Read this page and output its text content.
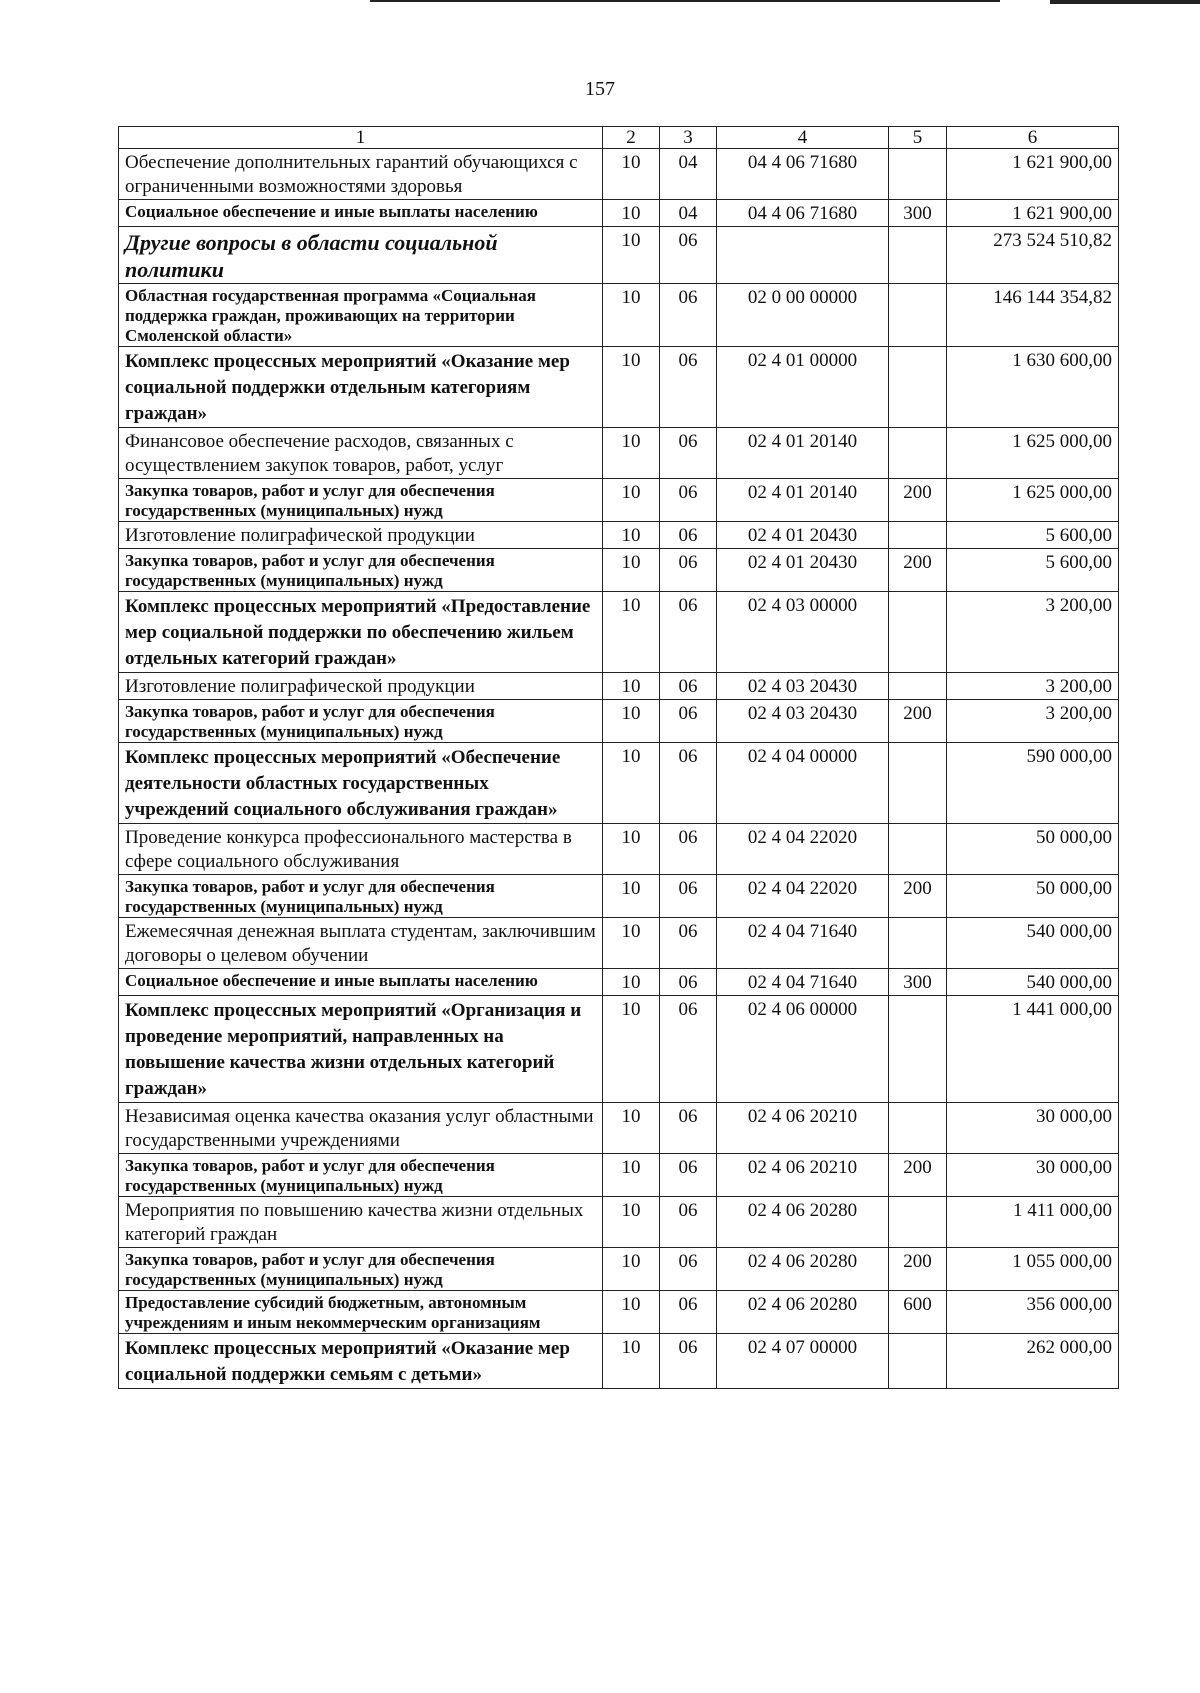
157
1	2	3	4	5	6
Обеспечение дополнительных гарантий обучающихся с ограниченными возможностями здоровья	10	04	04 4 06 71680		1 621 900,00
Социальное обеспечение и иные выплаты населению	10	04	04 4 06 71680	300	1 621 900,00
Другие вопросы в области социальной политики	10	06			273 524 510,82
Областная государственная программа «Социальная поддержка граждан, проживающих на территории Смоленской области»	10	06	02 0 00 00000		146 144 354,82
Комплекс процессных мероприятий «Оказание мер социальной поддержки отдельным категориям граждан»	10	06	02 4 01 00000		1 630 600,00
Финансовое обеспечение расходов, связанных с осуществлением закупок товаров, работ, услуг	10	06	02 4 01 20140		1 625 000,00
Закупка товаров, работ и услуг для обеспечения государственных (муниципальных) нужд	10	06	02 4 01 20140	200	1 625 000,00
Изготовление полиграфической продукции	10	06	02 4 01 20430		5 600,00
Закупка товаров, работ и услуг для обеспечения государственных (муниципальных) нужд	10	06	02 4 01 20430	200	5 600,00
Комплекс процессных мероприятий «Предоставление мер социальной поддержки по обеспечению жильем отдельных категорий граждан»	10	06	02 4 03 00000		3 200,00
Изготовление полиграфической продукции	10	06	02 4 03 20430		3 200,00
Закупка товаров, работ и услуг для обеспечения государственных (муниципальных) нужд	10	06	02 4 03 20430	200	3 200,00
Комплекс процессных мероприятий «Обеспечение деятельности областных государственных учреждений социального обслуживания граждан»	10	06	02 4 04 00000		590 000,00
Проведение конкурса профессионального мастерства в сфере социального обслуживания	10	06	02 4 04 22020		50 000,00
Закупка товаров, работ и услуг для обеспечения государственных (муниципальных) нужд	10	06	02 4 04 22020	200	50 000,00
Ежемесячная денежная выплата студентам, заключившим договоры о целевом обучении	10	06	02 4 04 71640		540 000,00
Социальное обеспечение и иные выплаты населению	10	06	02 4 04 71640	300	540 000,00
Комплекс процессных мероприятий «Организация и проведение мероприятий, направленных на повышение качества жизни отдельных категорий граждан»	10	06	02 4 06 00000		1 441 000,00
Независимая оценка качества оказания услуг областными государственными учреждениями	10	06	02 4 06 20210		30 000,00
Закупка товаров, работ и услуг для обеспечения государственных (муниципальных) нужд	10	06	02 4 06 20210	200	30 000,00
Мероприятия по повышению качества жизни отдельных категорий граждан	10	06	02 4 06 20280		1 411 000,00
Закупка товаров, работ и услуг для обеспечения государственных (муниципальных) нужд	10	06	02 4 06 20280	200	1 055 000,00
Предоставление субсидий бюджетным, автономным учреждениям и иным некоммерческим организациям	10	06	02 4 06 20280	600	356 000,00
Комплекс процессных мероприятий «Оказание мер социальной поддержки семьям с детьми»	10	06	02 4 07 00000		262 000,00
